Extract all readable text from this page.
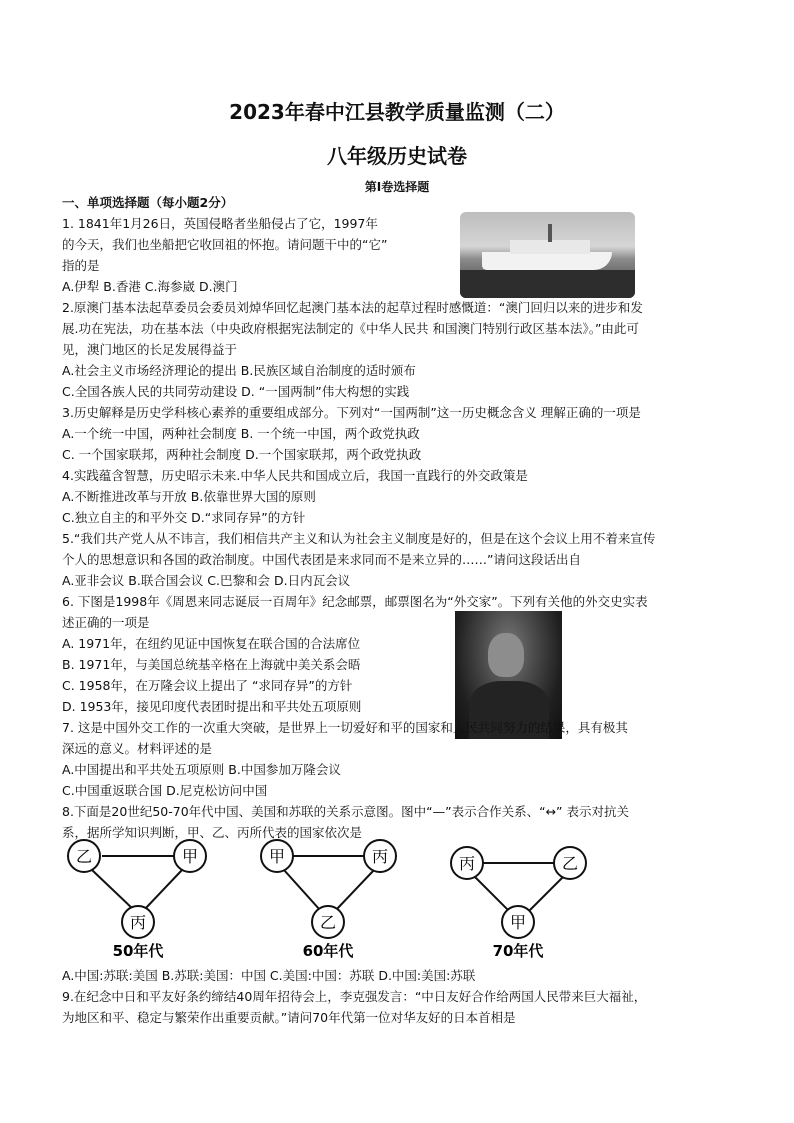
2023年春中江县教学质量监测（二）
八年级历史试卷
第Ⅰ卷选择题
一、单项选择题（每小题2分）
1. 1841年1月26日，英国侵略者坐船侵占了它，1997年
的今天，我们也坐船把它收回祖的怀抱。请问题干中的“它”
指的是
A.伊犁 B.香港 C.海参崴 D.澳门
2.原澳门基本法起草委员会委员刘焯华回忆起澳门基本法的起草过程时感慨道：“澳门回归以来的进步和发
展.功在宪法，功在基本法（中央政府根据宪法制定的《中华人民共 和国澳门特别行政区基本法》。”由此可
见，澳门地区的长足发展得益于
A.社会主义市场经济理论的提出 B.民族区域自治制度的适时颁布
C.全国各族人民的共同劳动建设 D. “一国两制”伟大构想的实践
3.历史解释是历史学科核心素养的重要组成部分。下列对“一国两制”这一历史概念含义 理解正确的一项是
A.一个统一中国，两种社会制度 B. 一个统一中国，两个政党执政
C. 一个国家联邦，两种社会制度 D.一个国家联邦，两个政党执政
4.实践蕴含智慧，历史昭示未来.中华人民共和国成立后，我国一直践行的外交政策是
A.不断推进改革与开放 B.依靠世界大国的原则
C.独立自主的和平外交 D.“求同存异”的方针
5.“我们共产党人从不讳言，我们相信共产主义和认为社会主义制度是好的，但是在这个会议上用不着来宣传
个人的思想意识和各国的政治制度。中国代表团是来求同而不是来立异的……”请问这段话出自
A.亚非会议 B.联合国会议 C.巴黎和会 D.日内瓦会议
6. 下图是1998年《周恩来同志诞辰一百周年》纪念邮票，邮票图名为“外交家”。下列有关他的外交史实表
述正确的一项是
A. 1971年，在纽约见证中国恢复在联合国的合法席位
B. 1971年，与美国总统基辛格在上海就中美关系会晤
C. 1958年，在万隆会议上提出了 “求同存异”的方针
D. 1953年，接见印度代表团时提出和平共处五项原则
7. 这是中国外交工作的一次重大突破，是世界上一切爱好和平的国家和人民共同努力的结果，具有极其
深远的意义。材料评述的是
A.中国提出和平共处五项原则 B.中国参加万隆会议
C.中国重返联合国 D.尼克松访问中国
8.下面是20世纪50-70年代中国、美国和苏联的关系示意图。图中“—”表示合作关系、“↔” 表示对抗关
系，据所学知识判断，甲、乙、丙所代表的国家依次是
乙	甲
丙
50年代
甲	丙
乙
60年代
丙	乙
甲
70年代
A.中国:苏联:美国 B.苏联:美国：中国 C.美国:中国：苏联 D.中国:美国:苏联
9.在纪念中日和平友好条约缔结40周年招待会上，李克强发言：“中日友好合作给两国人民带来巨大福祉，
为地区和平、稳定与繁荣作出重要贡献。”请问70年代第一位对华友好的日本首相是
